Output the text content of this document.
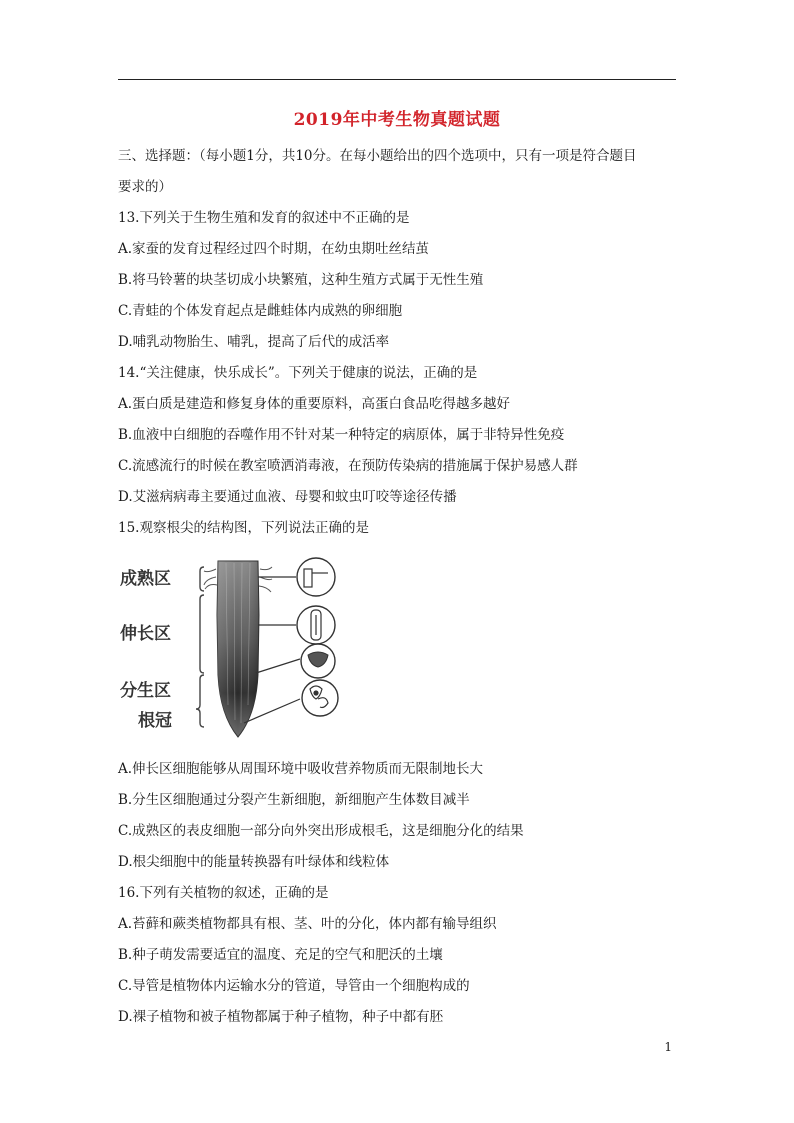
2019年中考生物真题试题
三、选择题：（每小题1分，共10分。在每小题给出的四个选项中，只有一项是符合题目
要求的）
13.下列关于生物生殖和发育的叙述中不正确的是
A.家蚕的发育过程经过四个时期，在幼虫期吐丝结茧
B.将马铃薯的块茎切成小块繁殖，这种生殖方式属于无性生殖
C.青蛙的个体发育起点是雌蛙体内成熟的卵细胞
D.哺乳动物胎生、哺乳，提高了后代的成活率
14.“关注健康，快乐成长”。下列关于健康的说法，正确的是
A.蛋白质是建造和修复身体的重要原料，高蛋白食品吃得越多越好
B.血液中白细胞的吞噬作用不针对某一种特定的病原体，属于非特异性免疫
C.流感流行的时候在教室喷洒消毒液，在预防传染病的措施属于保护易感人群
D.艾滋病病毒主要通过血液、母婴和蚊虫叮咬等途径传播
15.观察根尖的结构图，下列说法正确的是
成熟区
伸长区
分生区
根冠
A.伸长区细胞能够从周围环境中吸收营养物质而无限制地长大
B.分生区细胞通过分裂产生新细胞，新细胞产生体数目减半
C.成熟区的表皮细胞一部分向外突出形成根毛，这是细胞分化的结果
D.根尖细胞中的能量转换器有叶绿体和线粒体
16.下列有关植物的叙述，正确的是
A.苔藓和蕨类植物都具有根、茎、叶的分化，体内都有输导组织
B.种子萌发需要适宜的温度、充足的空气和肥沃的土壤
C.导管是植物体内运输水分的管道，导管由一个细胞构成的
D.裸子植物和被子植物都属于种子植物，种子中都有胚
1
